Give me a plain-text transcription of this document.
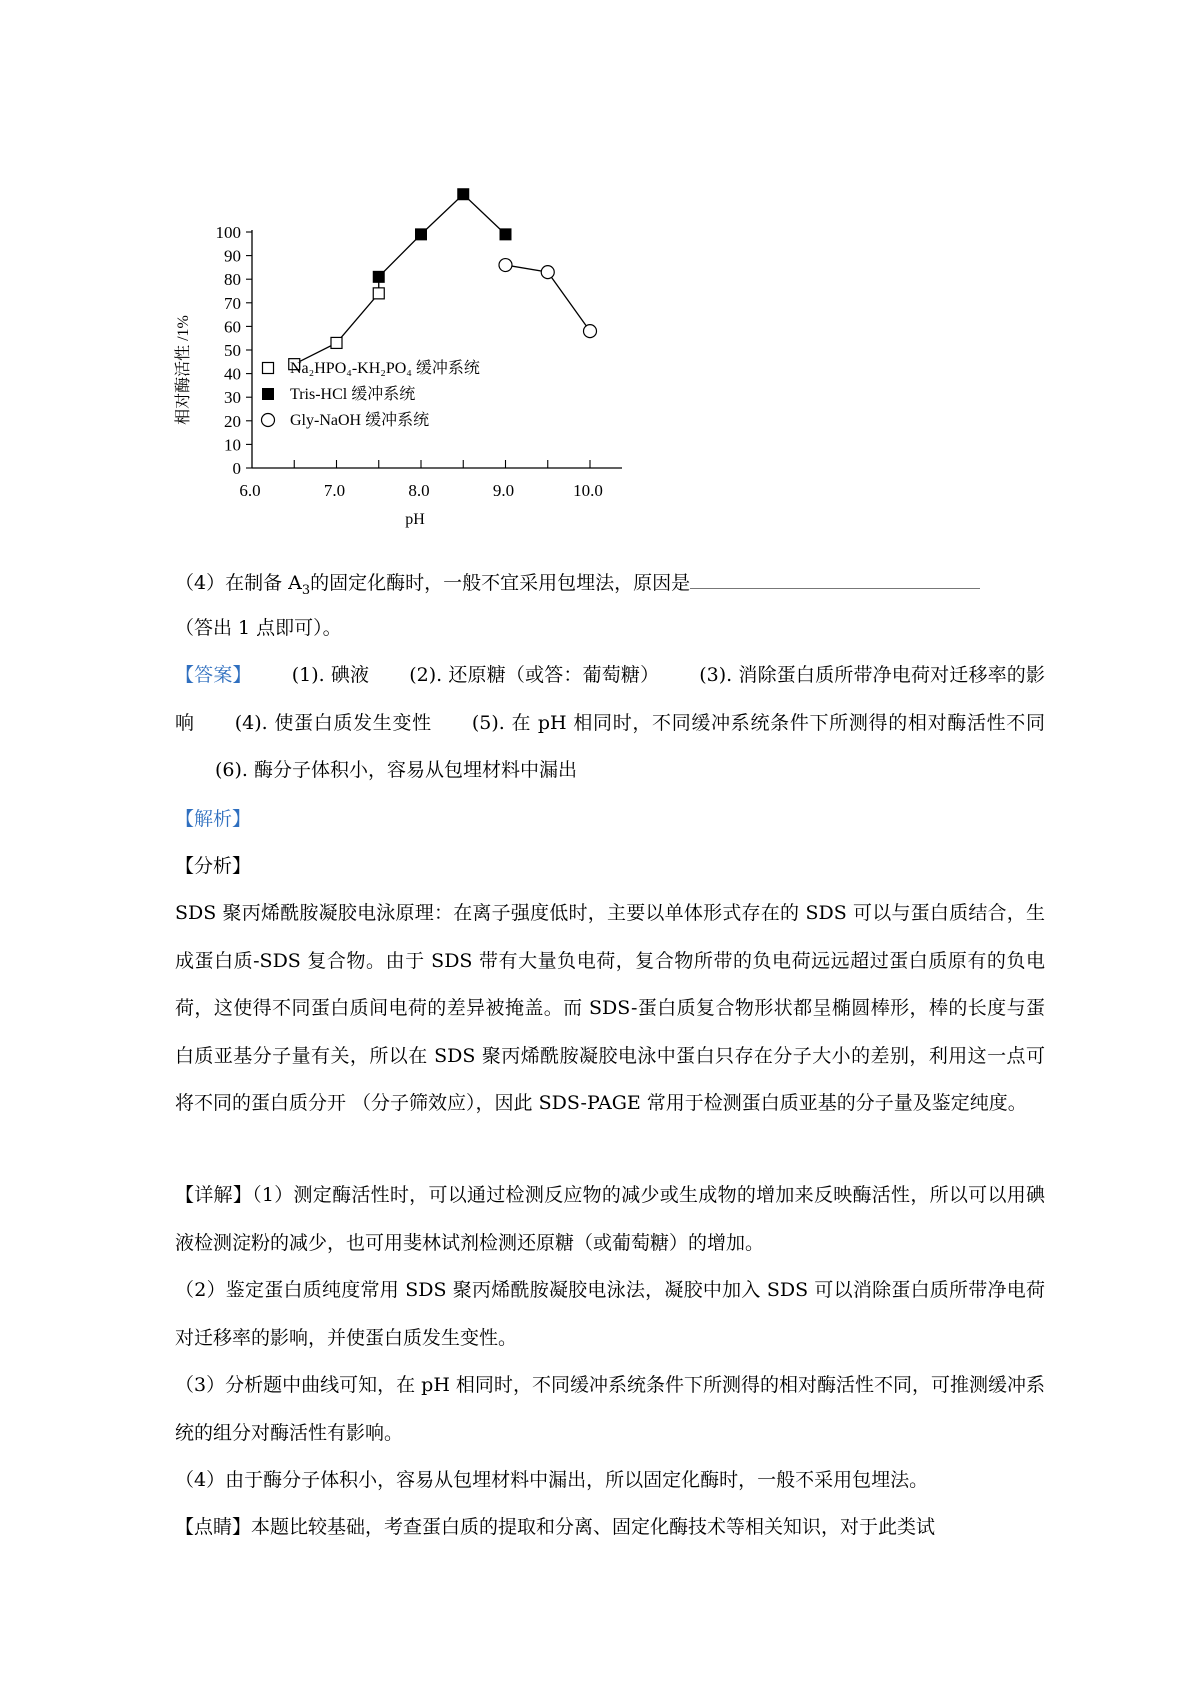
0
10
20
30
40
50
60
70
80
90
100
6.0	7.0	8.0	9.0	10.0
Na₂HPO₄-KH₂PO₄ 缓冲系统
Tris-HCl 缓冲系统
Gly-NaOH 缓冲系统
相对酶活性 /1%
pH
（4）在制备 $A_3$的固定化酶时，一般不宜采用包埋法，原因是
（答出 1 点即可）。
【答案】 (1). 碘液 (2). 还原糖（或答：葡萄糖） (3). 消除蛋白质所带净电荷对迁移率的影响 (4). 使蛋白质发生变性 (5). 在 pH 相同时，不同缓冲系统条件下所测得的相对酶活性不同(6). 酶分子体积小，容易从包埋材料中漏出
【解析】
【分析】
SDS 聚丙烯酰胺凝胶电泳原理：在离子强度低时，主要以单体形式存在的 SDS 可以与蛋白质结合，生成蛋白质-SDS 复合物。由于 SDS 带有大量负电荷，复合物所带的负电荷远远超过蛋白质原有的负电荷，这使得不同蛋白质间电荷的差异被掩盖。而 SDS-蛋白质复合物形状都呈椭圆棒形，棒的长度与蛋白质亚基分子量有关，所以在 SDS 聚丙烯酰胺凝胶电泳中蛋白只存在分子大小的差别，利用这一点可将不同的蛋白质分开 （分子筛效应），因此 SDS-PAGE 常用于检测蛋白质亚基的分子量及鉴定纯度。
【详解】（1）测定酶活性时，可以通过检测反应物的减少或生成物的增加来反映酶活性，所以可以用碘液检测淀粉的减少，也可用斐林试剂检测还原糖（或葡萄糖）的增加。
（2）鉴定蛋白质纯度常用 SDS 聚丙烯酰胺凝胶电泳法，凝胶中加入 SDS 可以消除蛋白质所带净电荷对迁移率的影响，并使蛋白质发生变性。
（3）分析题中曲线可知，在 pH 相同时，不同缓冲系统条件下所测得的相对酶活性不同，可推测缓冲系统的组分对酶活性有影响。
（4）由于酶分子体积小，容易从包埋材料中漏出，所以固定化酶时，一般不采用包埋法。
【点睛】本题比较基础，考查蛋白质的提取和分离、固定化酶技术等相关知识，对于此类试
